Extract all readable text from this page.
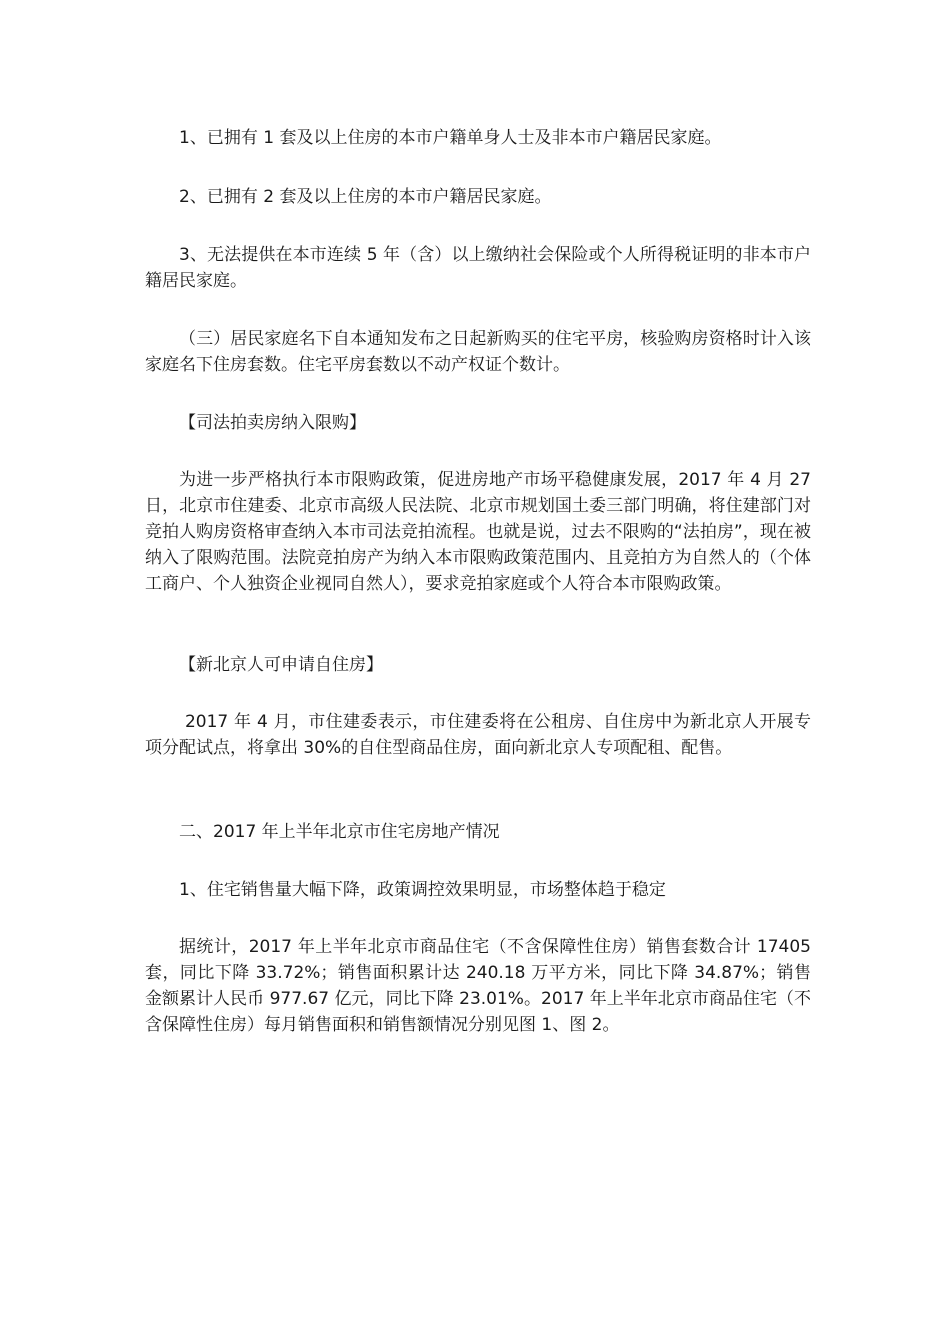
1、已拥有 1 套及以上住房的本市户籍单身人士及非本市户籍居民家庭。

2、已拥有 2 套及以上住房的本市户籍居民家庭。

3、无法提供在本市连续 5 年（含）以上缴纳社会保险或个人所得税证明的非本市户籍居民家庭。

（三）居民家庭名下自本通知发布之日起新购买的住宅平房，核验购房资格时计入该家庭名下住房套数。住宅平房套数以不动产权证个数计。

【司法拍卖房纳入限购】

为进一步严格执行本市限购政策，促进房地产市场平稳健康发展，2017 年 4 月 27 日，北京市住建委、北京市高级人民法院、北京市规划国土委三部门明确，将住建部门对竞拍人购房资格审查纳入本市司法竞拍流程。也就是说，过去不限购的“法拍房”，现在被纳入了限购范围。法院竞拍房产为纳入本市限购政策范围内、且竞拍方为自然人的（个体工商户、个人独资企业视同自然人），要求竞拍家庭或个人符合本市限购政策。

【新北京人可申请自住房】

2017 年 4 月，市住建委表示，市住建委将在公租房、自住房中为新北京人开展专项分配试点，将拿出 30%的自住型商品住房，面向新北京人专项配租、配售。

二、2017 年上半年北京市住宅房地产情况

1、住宅销售量大幅下降，政策调控效果明显，市场整体趋于稳定

据统计，2017 年上半年北京市商品住宅（不含保障性住房）销售套数合计 17405 套，同比下降 33.72%；销售面积累计达 240.18 万平方米，同比下降 34.87%；销售金额累计人民币 977.67 亿元，同比下降 23.01%。2017 年上半年北京市商品住宅（不含保障性住房）每月销售面积和销售额情况分别见图 1、图 2。
